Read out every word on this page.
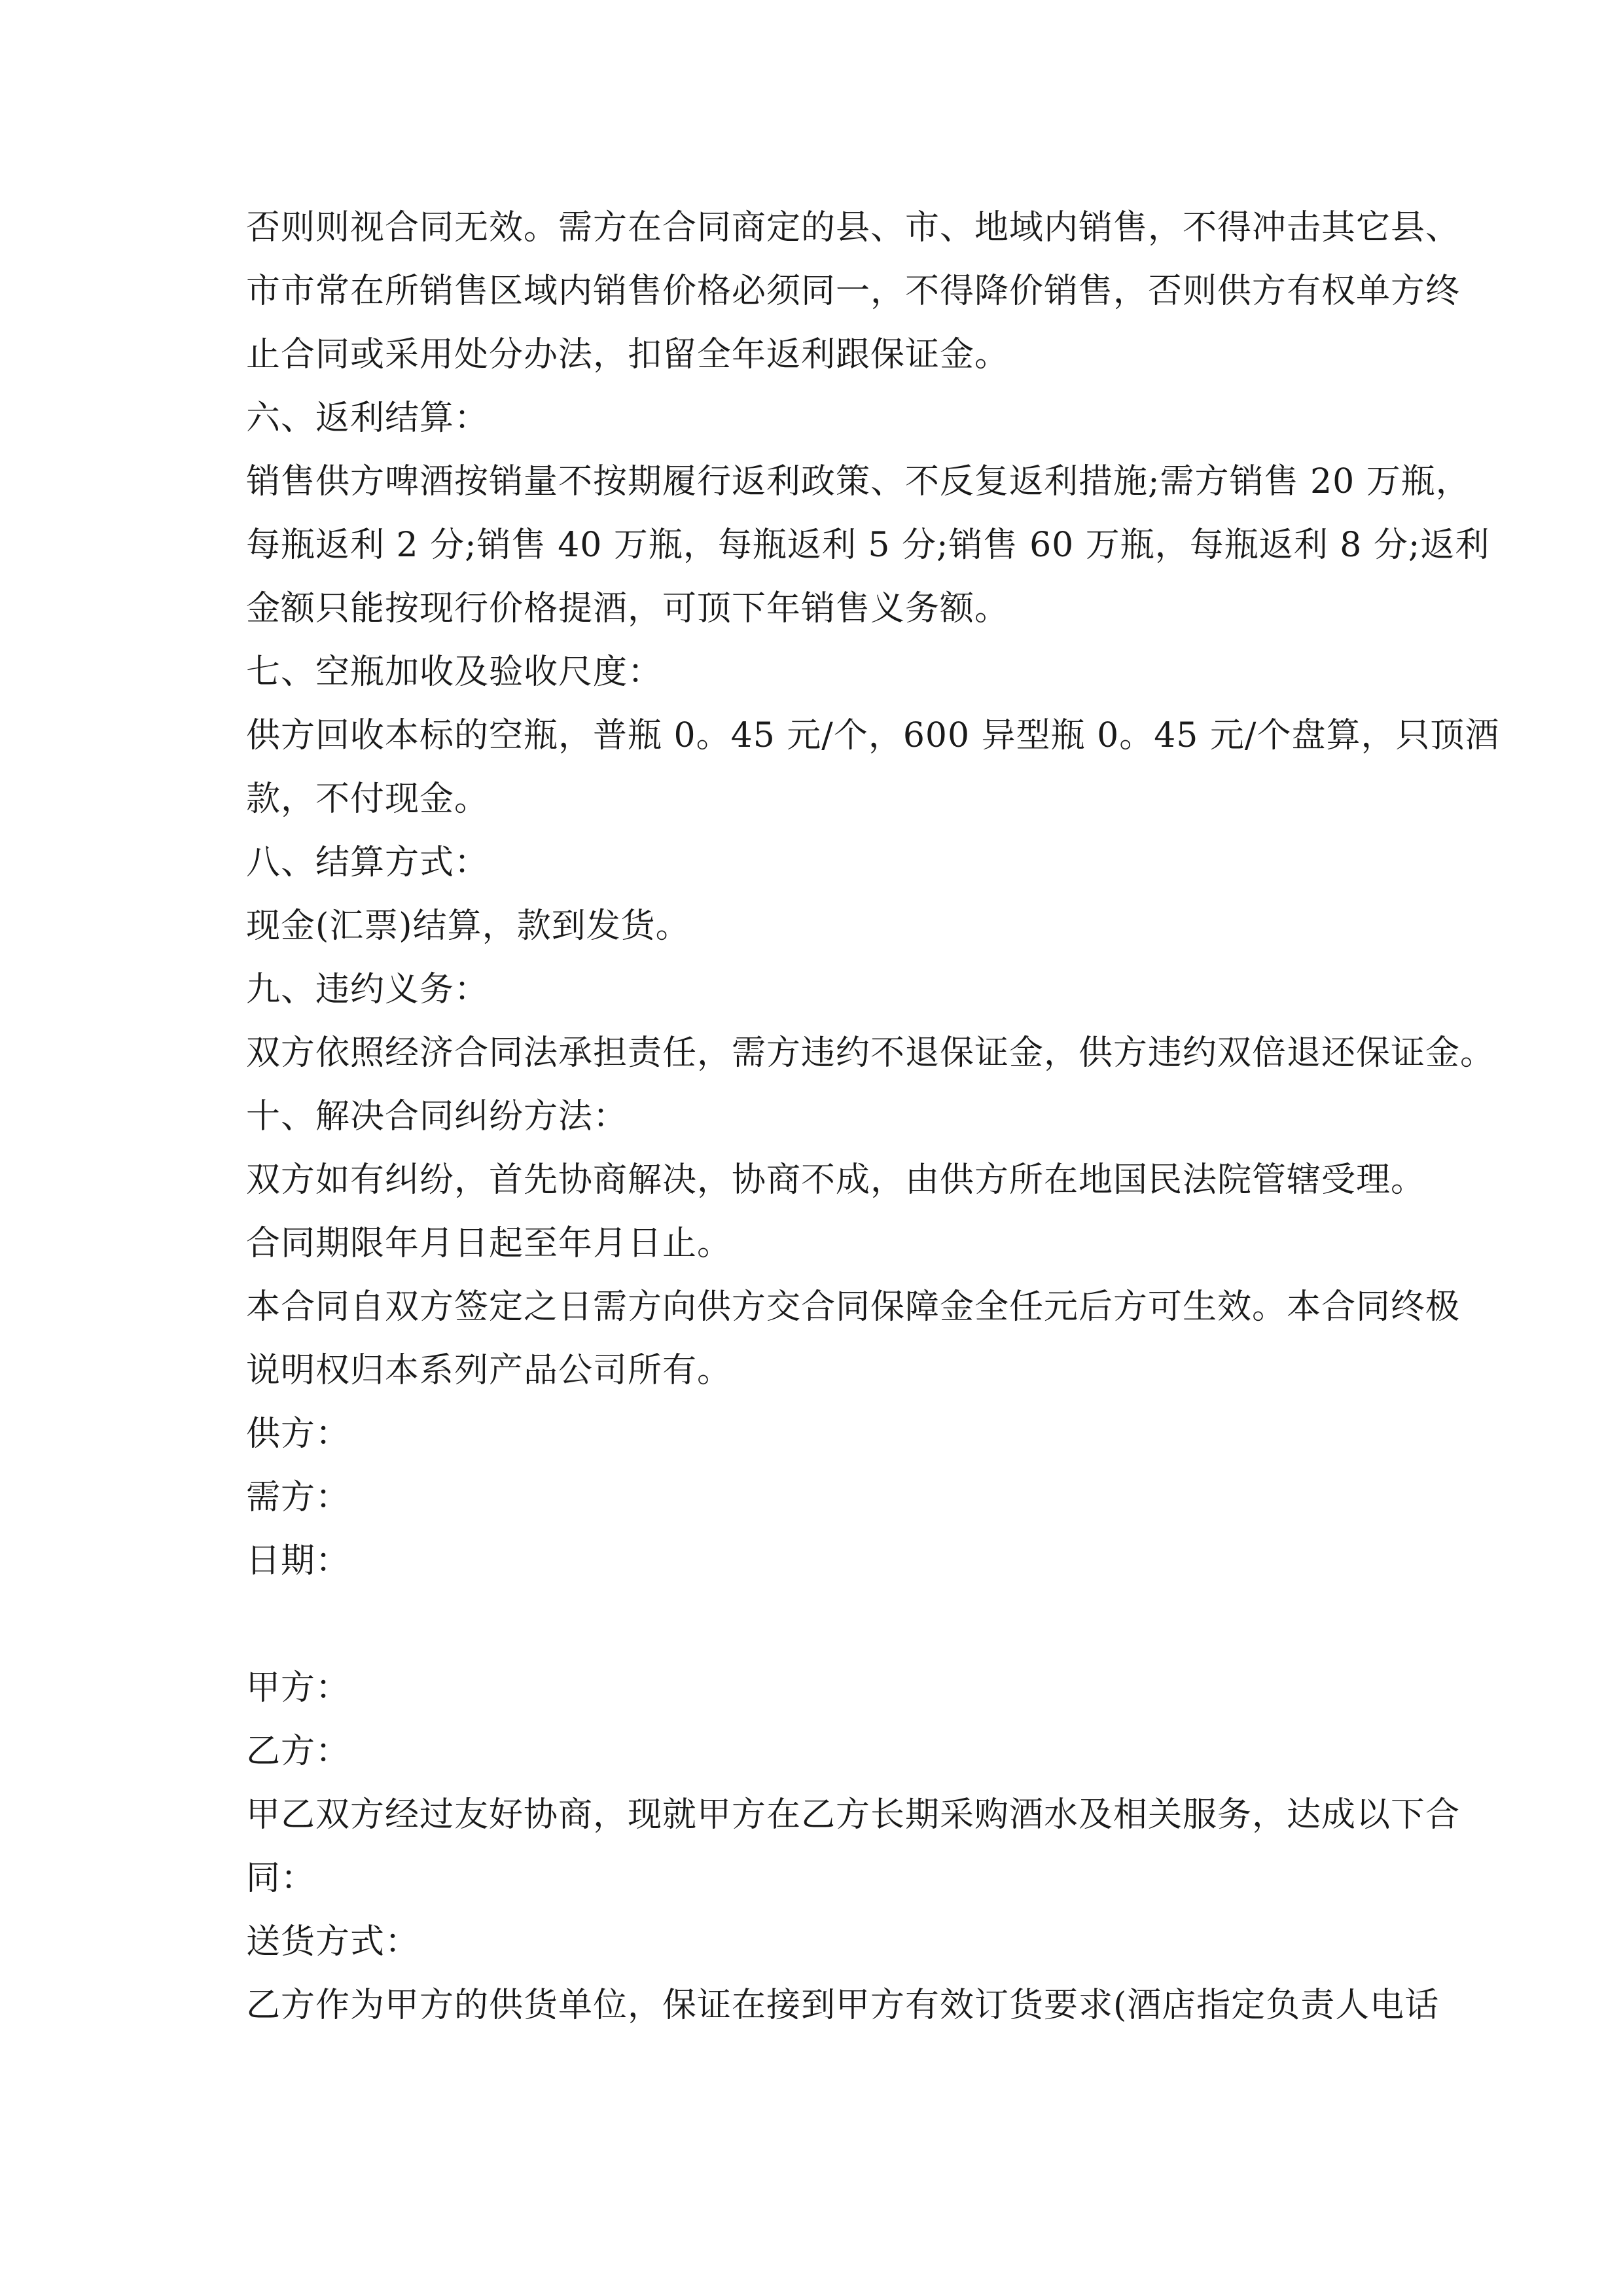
否则则视合同无效。需方在合同商定的县、市、地域内销售，不得冲击其它县、
市市常在所销售区域内销售价格必须同一，不得降价销售，否则供方有权单方终
止合同或采用处分办法，扣留全年返利跟保证金。
六、返利结算：
销售供方啤酒按销量不按期履行返利政策、不反复返利措施;需方销售 20 万瓶，
每瓶返利 2 分;销售 40 万瓶，每瓶返利 5 分;销售 60 万瓶，每瓶返利 8 分;返利
金额只能按现行价格提酒，可顶下年销售义务额。
七、空瓶加收及验收尺度：
供方回收本标的空瓶，普瓶 0。45 元/个，600 异型瓶 0。45 元/个盘算，只顶酒
款，不付现金。
八、结算方式：
现金(汇票)结算，款到发货。
九、违约义务：
双方依照经济合同法承担责任，需方违约不退保证金，供方违约双倍退还保证金。
十、解决合同纠纷方法：
双方如有纠纷，首先协商解决，协商不成，由供方所在地国民法院管辖受理。
合同期限年月日起至年月日止。
本合同自双方签定之日需方向供方交合同保障金全任元后方可生效。本合同终极
说明权归本系列产品公司所有。
供方：
需方：
日期：
甲方：
乙方：
甲乙双方经过友好协商，现就甲方在乙方长期采购酒水及相关服务，达成以下合
同：
送货方式：
乙方作为甲方的供货单位，保证在接到甲方有效订货要求(酒店指定负责人电话
